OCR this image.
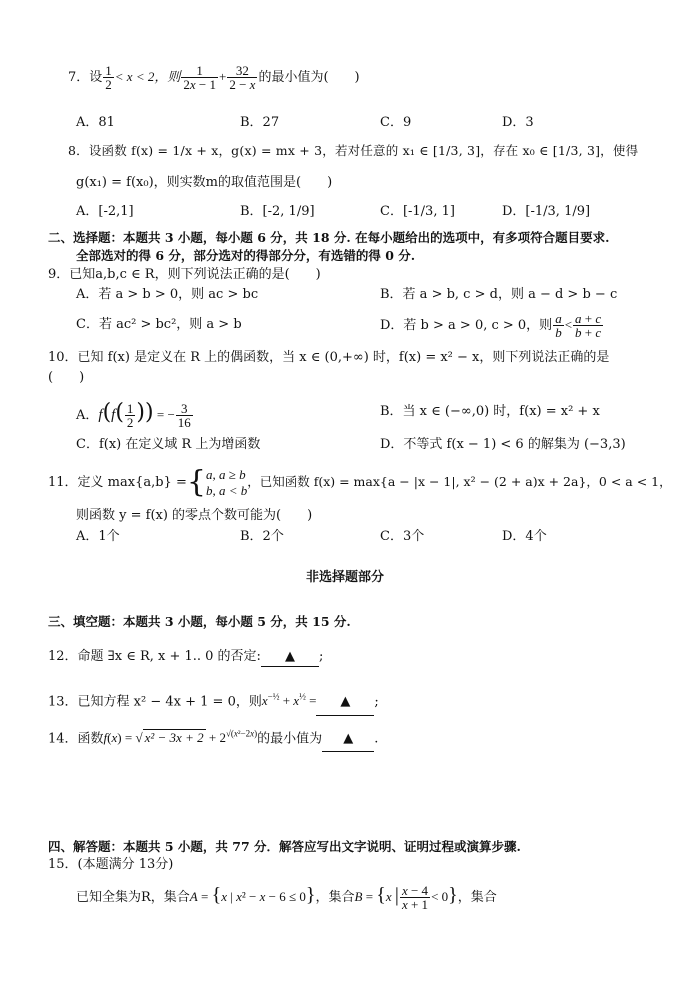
7．设 $\frac{1}{2} < x < 2$，则 $\frac{1}{2x - 1} + \frac{32}{2 - x}$ 的最小值为(　　)
A．81	B．27	C．9	D．3
8．设函数 f(x) = 1/x + x，g(x) = mx + 3，若对任意的 x₁ ∈ [1/3, 3]，存在 x₀ ∈ [1/3, 3]，使得
g(x₁) = f(x₀)，则实数m的取值范围是(　　)
A．[-2,1]	B．[-2, 1/9]	C．[-1/3, 1]	D．[-1/3, 1/9]
二、选择题：本题共 3 小题，每小题 6 分，共 18 分. 在每小题给出的选项中，有多项符合题目要求.
全部选对的得 6 分，部分选对的得部分分，有选错的得 0 分.
9．已知a,b,c ∈ R，则下列说法正确的是(　　)
A．若 a > b > 0，则 ac > bc	B．若 a > b, c > d，则 a − d > b − c
C．若 ac² > bc²，则 a > b	D．若 b > a > 0, c > 0，则 $\frac{a}{b} < \frac{a + c}{b + c}$
10．已知 f(x) 是定义在 R 上的偶函数，当 x ∈ (0,+∞) 时，f(x) = x² − x，则下列说法正确的是
(　　)
A．$f(f( \frac{1}{2}$ )) = − $\frac{3}{16}$	B．当 x ∈ (−∞,0) 时，f(x) = x² + x
C．f(x) 在定义域 R 上为增函数	D．不等式 f(x − 1) < 6 的解集为 (−3,3)
11．定义 max{a,b} ={ a, a ≥ b
b, a < b
，已知函数 f(x) = max{a − |x − 1|, x² − (2 + a)x + 2a}，0 < a < 1，
则函数 y = f(x) 的零点个数可能为(　　)
A．1个	B．2个	C．3个	D．4个
非选择题部分
三、填空题：本题共 3 小题，每小题 5 分，共 15 分.
12．命题 ∃x ∈ R, x + 1.. 0 的否定: ▲ ;
13．已知方程 x² − 4x + 1 = 0，则$x^{-\frac{1}{2}} + x^{\frac{1}{2}}$ = ▲ ;
14．函数f(x) = √ $x^2 - 3x + 2 + 2^{√(x^2-2x)}$的最小值为 ▲ .
四、解答题：本题共 5 小题，共 77 分．解答应写出文字说明、证明过程或演算步骤.
15．(本题满分 13分)
已知全集为R，集合A = {x | x² − x − 6 ≤ 0}，集合B = {x | $\frac{x - 4}{x + 1} < 0$}，集合
